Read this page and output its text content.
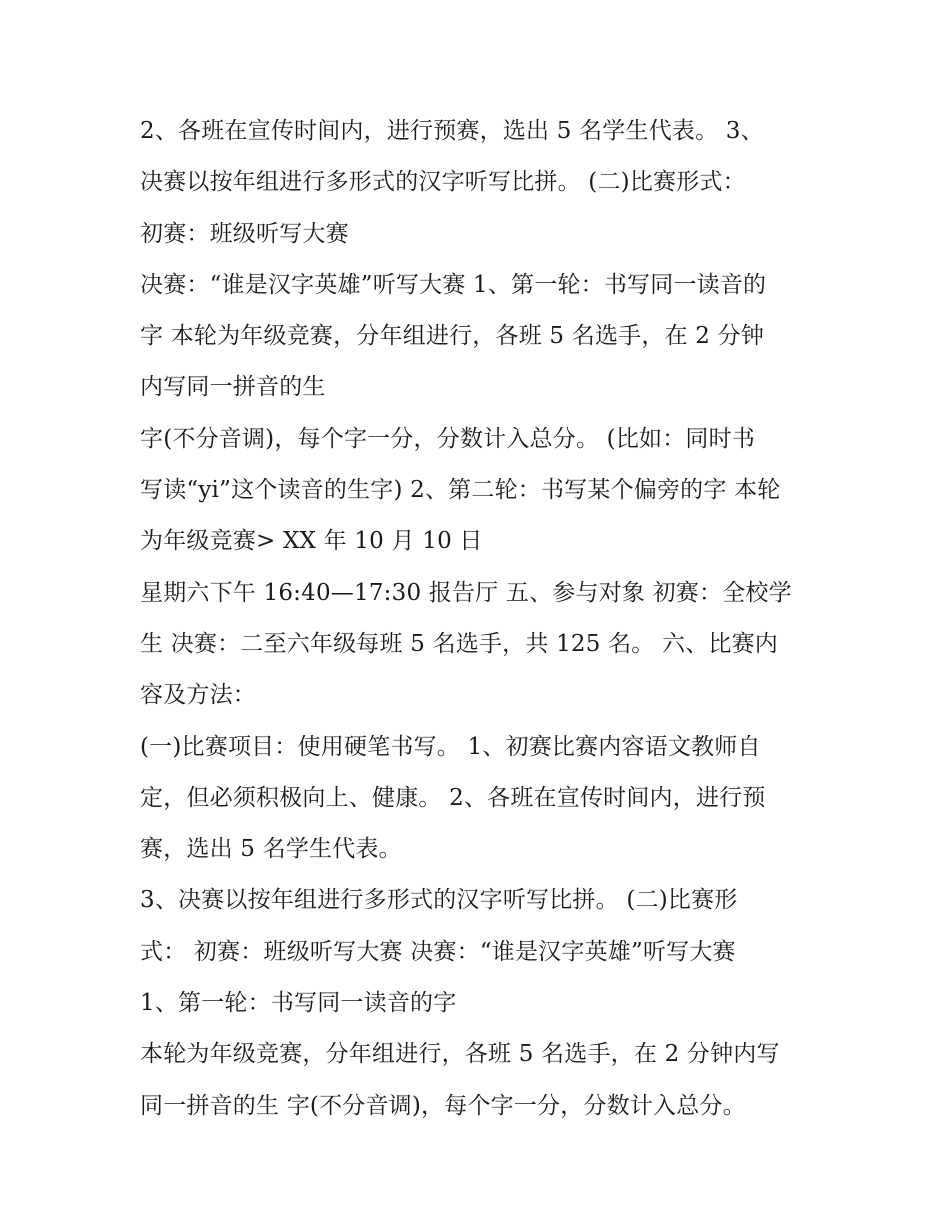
2、各班在宣传时间内，进行预赛，选出 5 名学生代表。 3、
决赛以按年组进行多形式的汉字听写比拼。 (二)比赛形式：
初赛：班级听写大赛
决赛：“谁是汉字英雄”听写大赛 1、第一轮：书写同一读音的
字 本轮为年级竞赛，分年组进行，各班 5 名选手，在 2 分钟
内写同一拼音的生
字(不分音调)，每个字一分，分数计入总分。 (比如：同时书
写读“yi”这个读音的生字) 2、第二轮：书写某个偏旁的字 本轮
为年级竞赛> XX 年 10 月 10 日
星期六下午 16:40—17:30 报告厅 五、参与对象 初赛：全校学
生 决赛：二至六年级每班 5 名选手，共 125 名。 六、比赛内
容及方法：
(一)比赛项目：使用硬笔书写。 1、初赛比赛内容语文教师自
定，但必须积极向上、健康。 2、各班在宣传时间内，进行预
赛，选出 5 名学生代表。
3、决赛以按年组进行多形式的汉字听写比拼。 (二)比赛形
式： 初赛：班级听写大赛 决赛：“谁是汉字英雄”听写大赛
1、第一轮：书写同一读音的字
本轮为年级竞赛，分年组进行，各班 5 名选手，在 2 分钟内写
同一拼音的生 字(不分音调)，每个字一分，分数计入总分。
